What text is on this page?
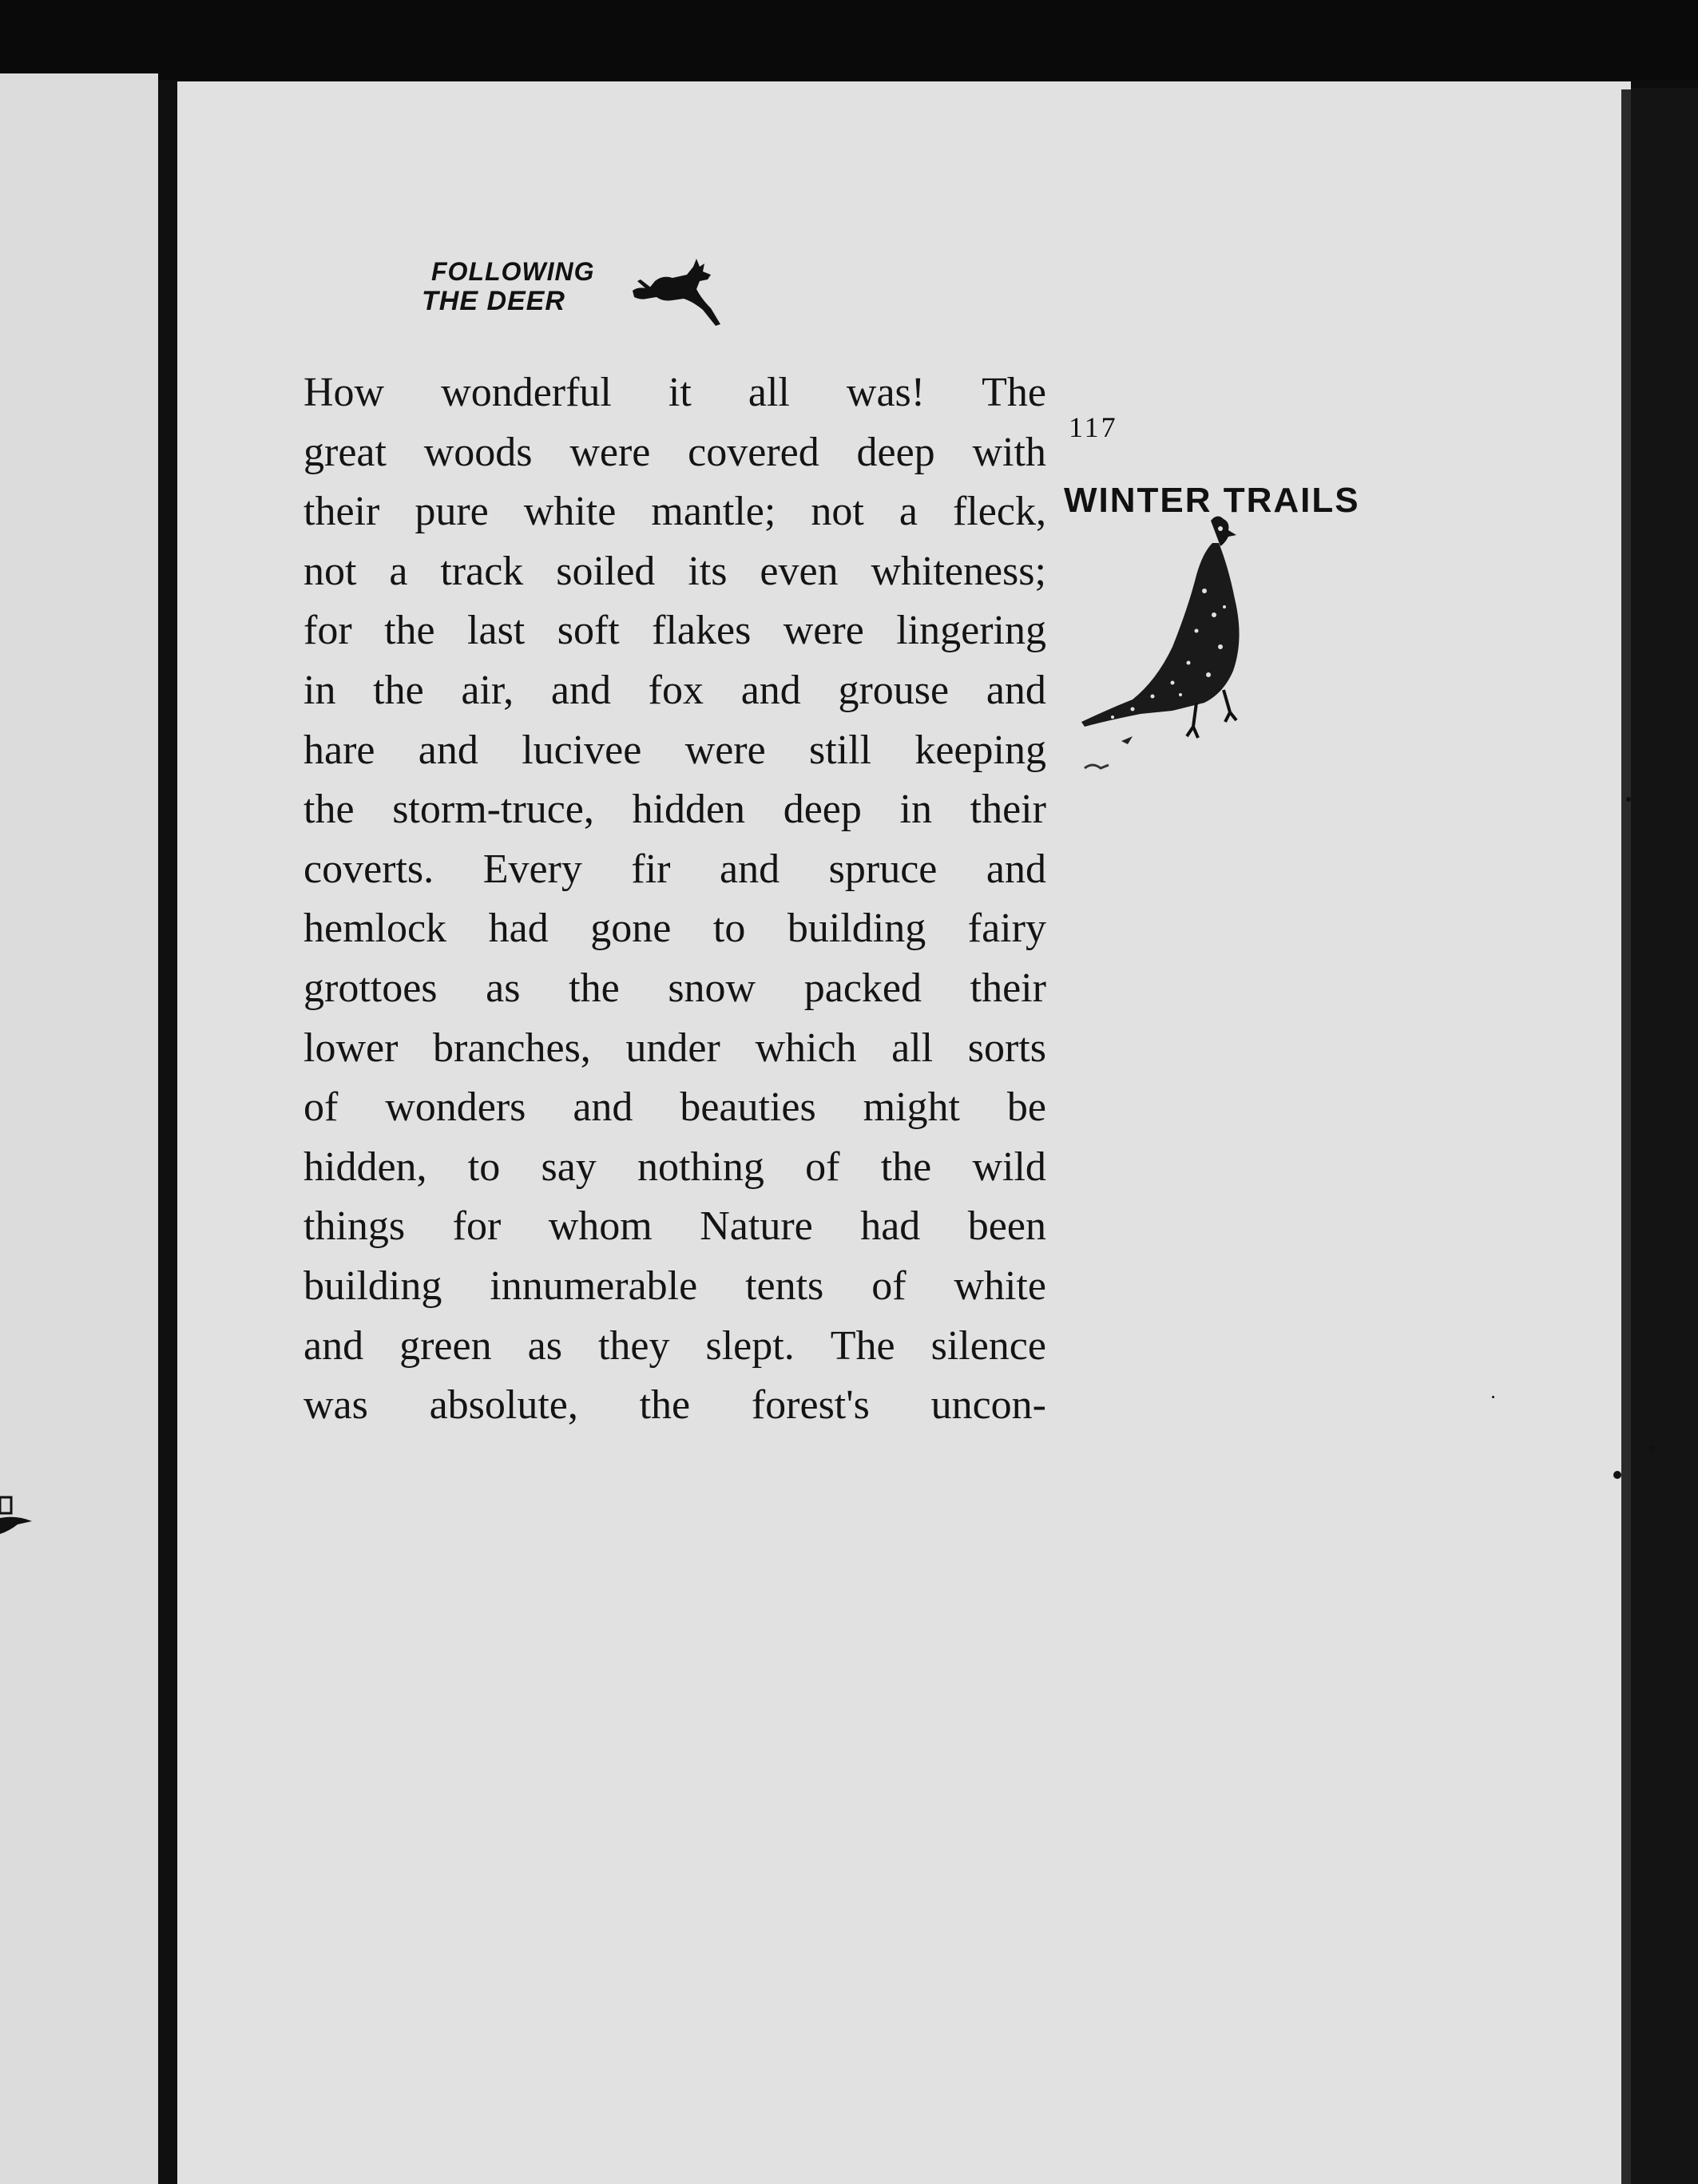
FOLLOWING
THE DEER
117
WINTER TRAILS
How wonderful it all was! The
great woods were covered deep with
their pure white mantle; not a fleck,
not a track soiled its even whiteness;
for the last soft flakes were lingering
in the air, and fox and grouse and
hare and lucivee were still keeping
the storm-truce, hidden deep in their
coverts. Every fir and spruce and
hemlock had gone to building fairy
grottoes as the snow packed their
lower branches, under which all sorts
of wonders and beauties might be
hidden, to say nothing of the wild
things for whom Nature had been
building innumerable tents of white
and green as they slept. The silence
was absolute, the forest's uncon-
